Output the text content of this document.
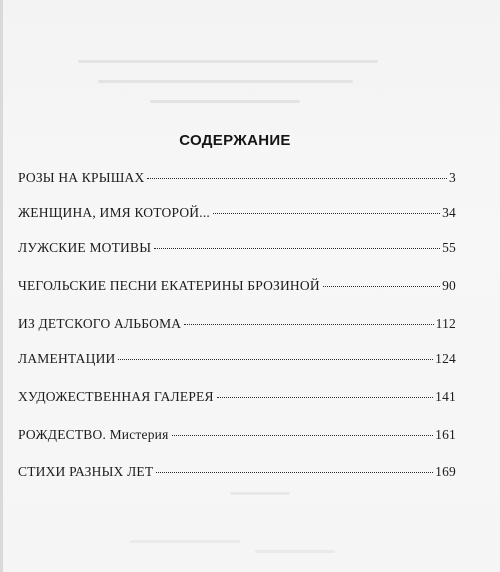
СОДЕРЖАНИЕ
РОЗЫ НА КРЫШАХ	3
ЖЕНЩИНА, ИМЯ КОТОРОЙ...	34
ЛУЖСКИЕ МОТИВЫ	55
ЧЕГОЛЬСКИЕ ПЕСНИ ЕКАТЕРИНЫ БРОЗИНОЙ	90
ИЗ ДЕТСКОГО АЛЬБОМА	112
ЛАМЕНТАЦИИ	124
ХУДОЖЕСТВЕННАЯ ГАЛЕРЕЯ	141
РОЖДЕСТВО. Мистерия	161
СТИХИ РАЗНЫХ ЛЕТ	169
